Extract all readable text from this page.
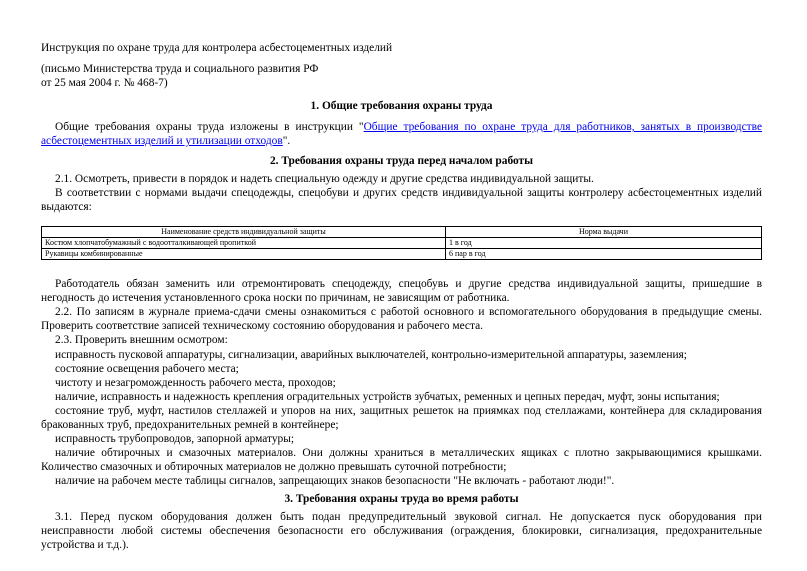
Инструкция по охране труда для контролера асбестоцементных изделий
(письмо Министерства труда и социального развития РФ
от 25 мая 2004 г. № 468-7)
1. Общие требования охраны труда
Общие требования охраны труда изложены в инструкции "Общие требования по охране труда для работников, занятых в производстве асбестоцементных изделий и утилизации отходов".
2. Требования охраны труда перед началом работы
2.1. Осмотреть, привести в порядок и надеть специальную одежду и другие средства индивидуальной защиты.
В соответствии с нормами выдачи спецодежды, спецобуви и других средств индивидуальной защиты контролеру асбестоцементных изделий выдаются:
Наименование средств индивидуальной защиты	Норма выдачи
Костюм хлопчатобумажный с водоотталкивающей пропиткой	1 в год
Рукавицы комбинированные	6 пар в год
Работодатель обязан заменить или отремонтировать спецодежду, спецобувь и другие средства индивидуальной защиты, пришедшие в негодность до истечения установленного срока носки по причинам, не зависящим от работника.
2.2. По записям в журнале приема-сдачи смены ознакомиться с работой основного и вспомогательного оборудования в предыдущие смены. Проверить соответствие записей техническому состоянию оборудования и рабочего места.
2.3. Проверить внешним осмотром:
исправность пусковой аппаратуры, сигнализации, аварийных выключателей, контрольно-измерительной аппаратуры, заземления;
состояние освещения рабочего места;
чистоту и незагроможденность рабочего места, проходов;
наличие, исправность и надежность крепления оградительных устройств зубчатых, ременных и цепных передач, муфт, зоны испытания;
состояние труб, муфт, настилов стеллажей и упоров на них, защитных решеток на приямках под стеллажами, контейнера для складирования бракованных труб, предохранительных ремней в контейнере;
исправность трубопроводов, запорной арматуры;
наличие обтирочных и смазочных материалов. Они должны храниться в металлических ящиках с плотно закрывающимися крышками. Количество смазочных и обтирочных материалов не должно превышать суточной потребности;
наличие на рабочем месте таблицы сигналов, запрещающих знаков безопасности "Не включать - работают люди!".
3. Требования охраны труда во время работы
3.1. Перед пуском оборудования должен быть подан предупредительный звуковой сигнал. Не допускается пуск оборудования при неисправности любой системы обеспечения безопасности его обслуживания (ограждения, блокировки, сигнализация, предохранительные устройства и т.д.).
